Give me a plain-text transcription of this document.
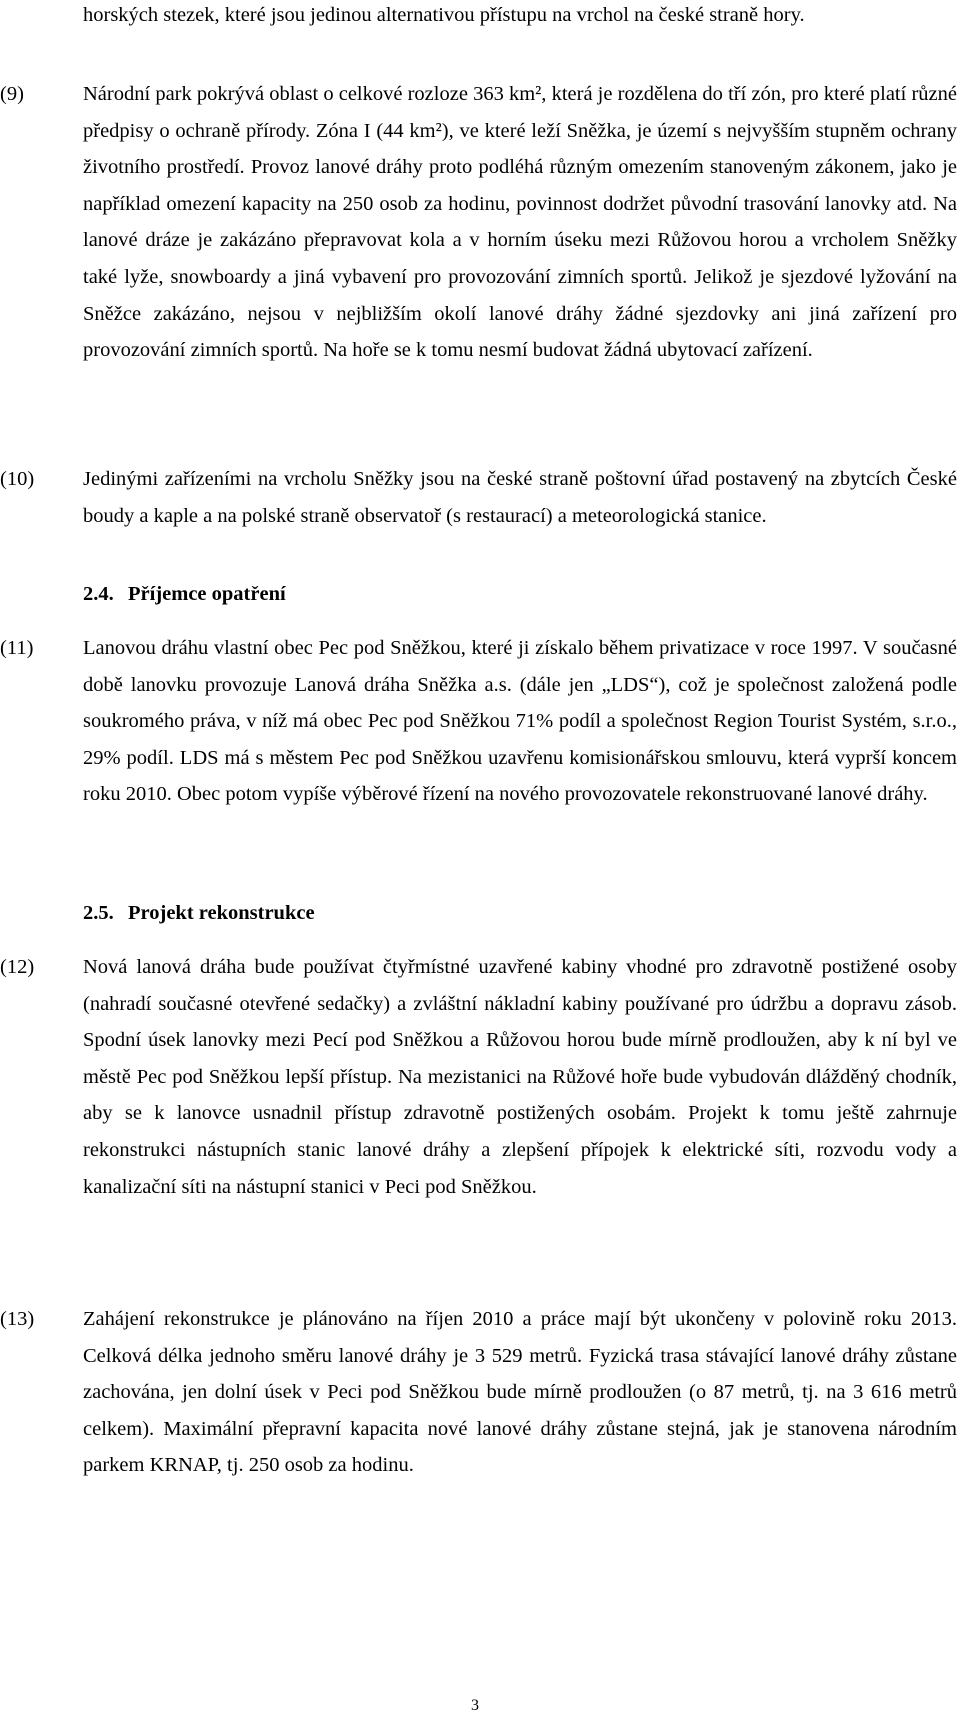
horských stezek, které jsou jedinou alternativou přístupu na vrchol na české straně hory.
(9)	Národní park pokrývá oblast o celkové rozloze 363 km², která je rozdělena do tří zón, pro které platí různé předpisy o ochraně přírody. Zóna I (44 km²), ve které leží Sněžka, je území s nejvyšším stupněm ochrany životního prostředí. Provoz lanové dráhy proto podléhá různým omezením stanoveným zákonem, jako je například omezení kapacity na 250 osob za hodinu, povinnost dodržet původní trasování lanovky atd. Na lanové dráze je zakázáno přepravovat kola a v horním úseku mezi Růžovou horou a vrcholem Sněžky také lyže, snowboardy a jiná vybavení pro provozování zimních sportů. Jelikož je sjezdové lyžování na Sněžce zakázáno, nejsou v nejbližším okolí lanové dráhy žádné sjezdovky ani jiná zařízení pro provozování zimních sportů. Na hoře se k tomu nesmí budovat žádná ubytovací zařízení.
(10) Jedinými zařízeními na vrcholu Sněžky jsou na české straně poštovní úřad postavený na zbytcích České boudy a kaple a na polské straně observatoř (s restaurací) a meteorologická stanice.
2.4. Příjemce opatření
(11) Lanovou dráhu vlastní obec Pec pod Sněžkou, které ji získalo během privatizace v roce 1997. V současné době lanovku provozuje Lanová dráha Sněžka a.s. (dále jen „LDS“), což je společnost založená podle soukromého práva, v níž má obec Pec pod Sněžkou 71% podíl a společnost Region Tourist Systém, s.r.o., 29% podíl. LDS má s městem Pec pod Sněžkou uzavřenu komisionářskou smlouvu, která vyprší koncem roku 2010. Obec potom vypíše výběrové řízení na nového provozovatele rekonstruované lanové dráhy.
2.5. Projekt rekonstrukce
(12) Nová lanová dráha bude používat čtyřmístné uzavřené kabiny vhodné pro zdravotně postižené osoby (nahradí současné otevřené sedačky) a zvláštní nákladní kabiny používané pro údržbu a dopravu zásob. Spodní úsek lanovky mezi Pecí pod Sněžkou a Růžovou horou bude mírně prodloužen, aby k ní byl ve městě Pec pod Sněžkou lepší přístup. Na mezistanici na Růžové hoře bude vybudován dlážděný chodník, aby se k lanovce usnadnil přístup zdravotně postižených osobám. Projekt k tomu ještě zahrnuje rekonstrukci nástupních stanic lanové dráhy a zlepšení přípojek k elektrické síti, rozvodu vody a kanalizační síti na nástupní stanici v Peci pod Sněžkou.
(13) Zahájení rekonstrukce je plánováno na říjen 2010 a práce mají být ukončeny v polovině roku 2013. Celková délka jednoho směru lanové dráhy je 3 529 metrů. Fyzická trasa stávající lanové dráhy zůstane zachována, jen dolní úsek v Peci pod Sněžkou bude mírně prodloužen (o 87 metrů, tj. na 3 616 metrů celkem). Maximální přepravní kapacita nové lanové dráhy zůstane stejná, jak je stanovena národním parkem KRNAP, tj. 250 osob za hodinu.
3
